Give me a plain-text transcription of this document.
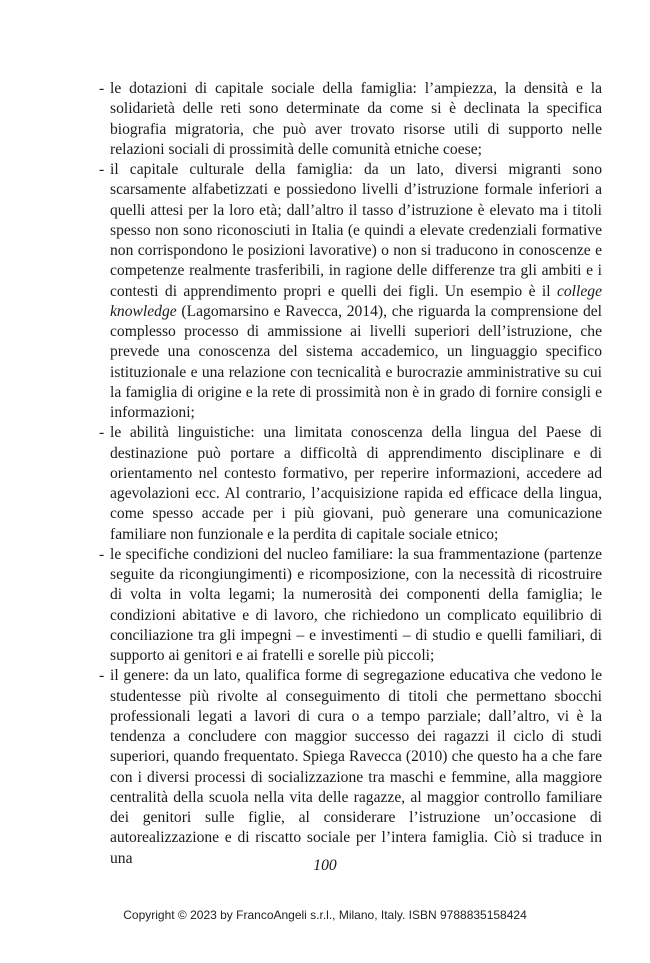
- le dotazioni di capitale sociale della famiglia: l’ampiezza, la densità e la solidarietà delle reti sono determinate da come si è declinata la specifica biografia migratoria, che può aver trovato risorse utili di supporto nelle relazioni sociali di prossimità delle comunità etniche coese;
- il capitale culturale della famiglia: da un lato, diversi migranti sono scarsamente alfabetizzati e possiedono livelli d’istruzione formale inferiori a quelli attesi per la loro età; dall’altro il tasso d’istruzione è elevato ma i titoli spesso non sono riconosciuti in Italia (e quindi a elevate credenziali formative non corrispondono le posizioni lavorative) o non si traducono in conoscenze e competenze realmente trasferibili, in ragione delle differenze tra gli ambiti e i contesti di apprendimento propri e quelli dei figli. Un esempio è il college knowledge (Lagomarsino e Ravecca, 2014), che riguarda la comprensione del complesso processo di ammissione ai livelli superiori dell’istruzione, che prevede una conoscenza del sistema accademico, un linguaggio specifico istituzionale e una relazione con tecnicalità e burocrazie amministrative su cui la famiglia di origine e la rete di prossimità non è in grado di fornire consigli e informazioni;
- le abilità linguistiche: una limitata conoscenza della lingua del Paese di destinazione può portare a difficoltà di apprendimento disciplinare e di orientamento nel contesto formativo, per reperire informazioni, accedere ad agevolazioni ecc. Al contrario, l’acquisizione rapida ed efficace della lingua, come spesso accade per i più giovani, può generare una comunicazione familiare non funzionale e la perdita di capitale sociale etnico;
- le specifiche condizioni del nucleo familiare: la sua frammentazione (partenze seguite da ricongiungimenti) e ricomposizione, con la necessità di ricostruire di volta in volta legami; la numerosità dei componenti della famiglia; le condizioni abitative e di lavoro, che richiedono un complicato equilibrio di conciliazione tra gli impegni – e investimenti – di studio e quelli familiari, di supporto ai genitori e ai fratelli e sorelle più piccoli;
- il genere: da un lato, qualifica forme di segregazione educativa che vedono le studentesse più rivolte al conseguimento di titoli che permettano sbocchi professionali legati a lavori di cura o a tempo parziale; dall’altro, vi è la tendenza a concludere con maggior successo dei ragazzi il ciclo di studi superiori, quando frequentato. Spiega Ravecca (2010) che questo ha a che fare con i diversi processi di socializzazione tra maschi e femmine, alla maggiore centralità della scuola nella vita delle ragazze, al maggior controllo familiare dei genitori sulle figlie, al considerare l’istruzione un’occasione di autorealizzazione e di riscatto sociale per l’intera famiglia. Ciò si traduce in una	100
Copyright © 2023 by FrancoAngeli s.r.l., Milano, Italy. ISBN 9788835158424
